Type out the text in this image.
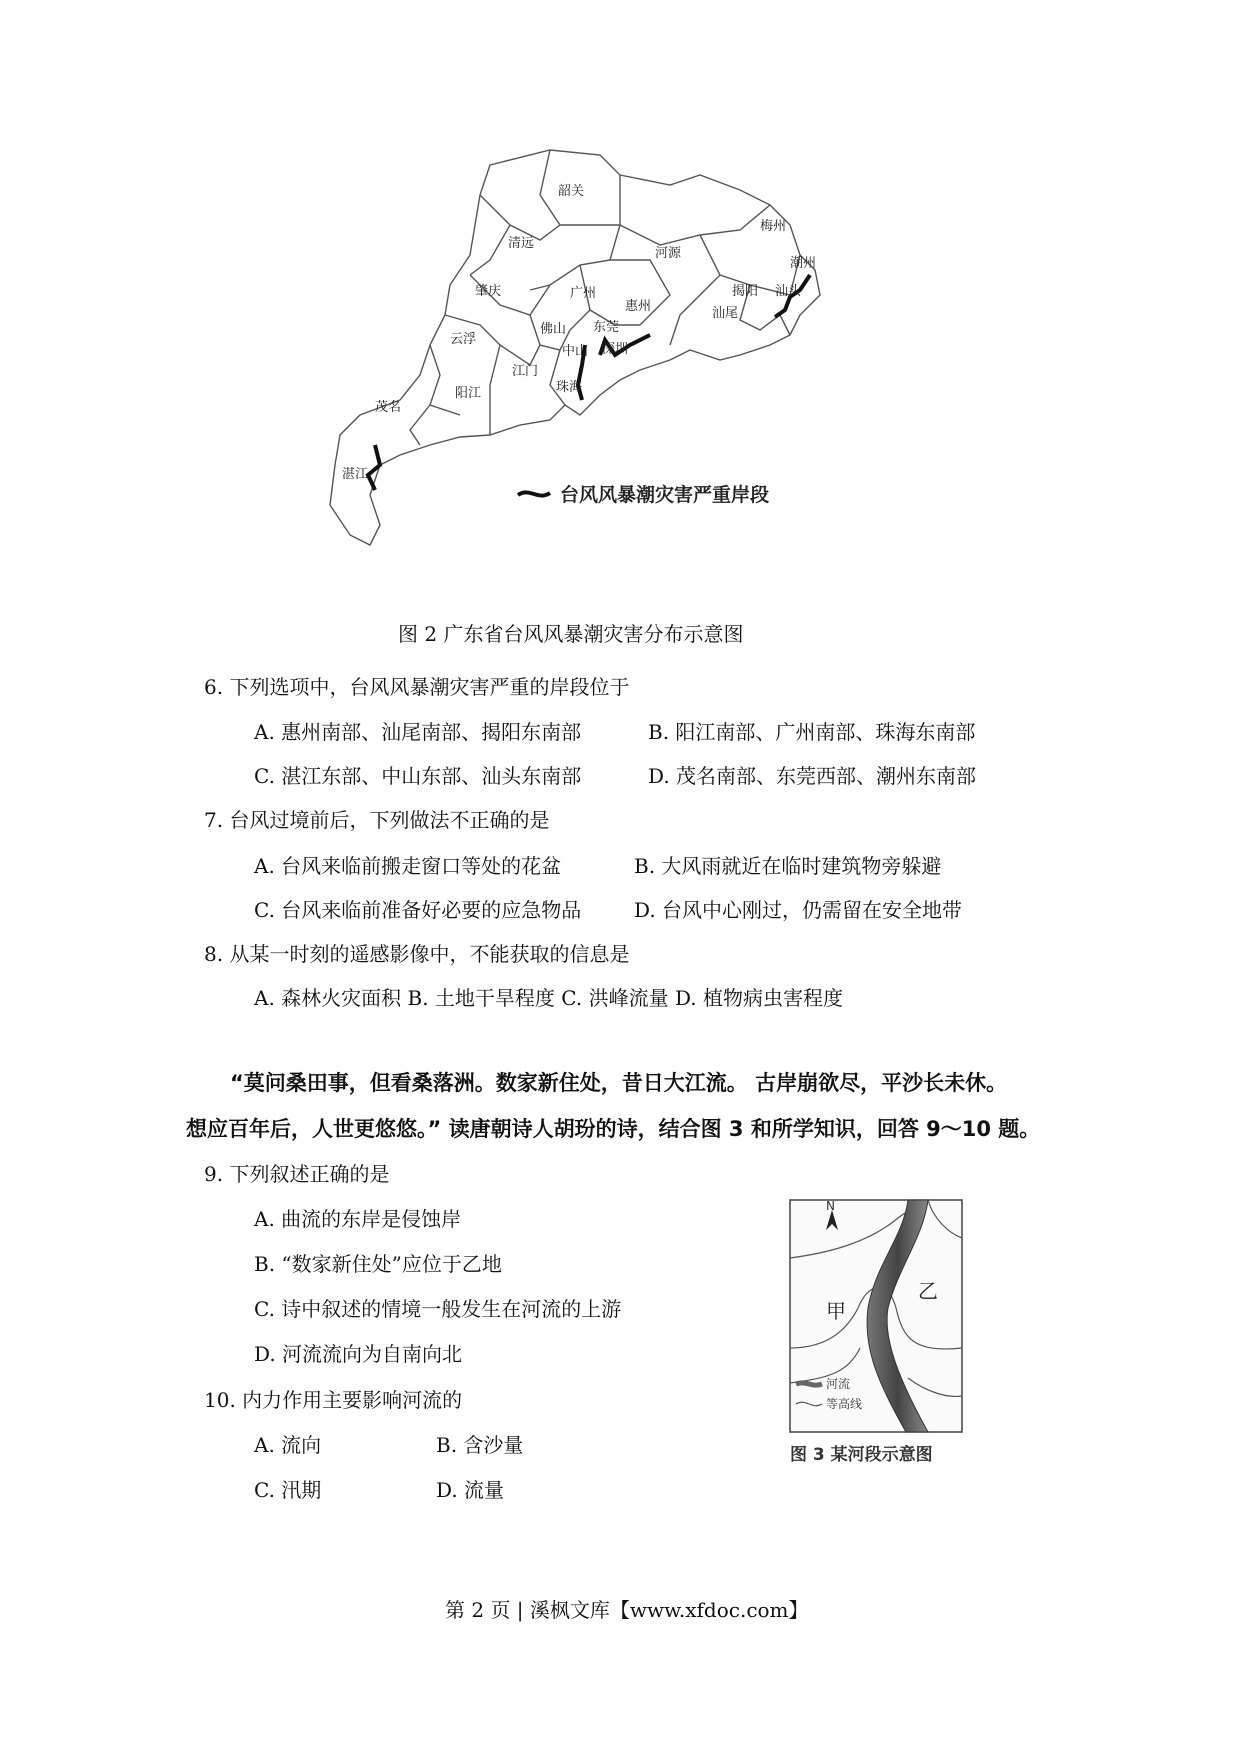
韶关
清远
河源
梅州
潮州
肇庆	广州
惠州
揭阳 汕头
汕尾
云浮
佛山 东莞
深圳
中山
珠海
江门
阳江
茂名
湛江
台风风暴潮灾害严重岸段
图 2 广东省台风风暴潮灾害分布示意图
6. 下列选项中，台风风暴潮灾害严重的岸段位于
A. 惠州南部、汕尾南部、揭阳东南部	B. 阳江南部、广州南部、珠海东南部
C. 湛江东部、中山东部、汕头东南部	D. 茂名南部、东莞西部、潮州东南部
7. 台风过境前后，下列做法不正确的是
A. 台风来临前搬走窗口等处的花盆	B. 大风雨就近在临时建筑物旁躲避
C. 台风来临前准备好必要的应急物品	D. 台风中心刚过，仍需留在安全地带
8. 从某一时刻的遥感影像中，不能获取的信息是
A. 森林火灾面积 B. 土地干旱程度 C. 洪峰流量 D. 植物病虫害程度
“莫问桑田事，但看桑落洲。数家新住处，昔日大江流。 古岸崩欲尽，平沙长未休。
想应百年后，人世更悠悠。” 读唐朝诗人胡玢的诗，结合图 3 和所学知识，回答 9～10 题。
9. 下列叙述正确的是
A. 曲流的东岸是侵蚀岸
B. “数家新住处”应位于乙地
C. 诗中叙述的情境一般发生在河流的上游
D. 河流流向为自南向北
10. 内力作用主要影响河流的
A. 流向	B. 含沙量
C. 汛期	D. 流量
N
甲
乙
河流
等高线
图 3 某河段示意图
第 2 页 | 溪枫文库【www.xfdoc.com】
